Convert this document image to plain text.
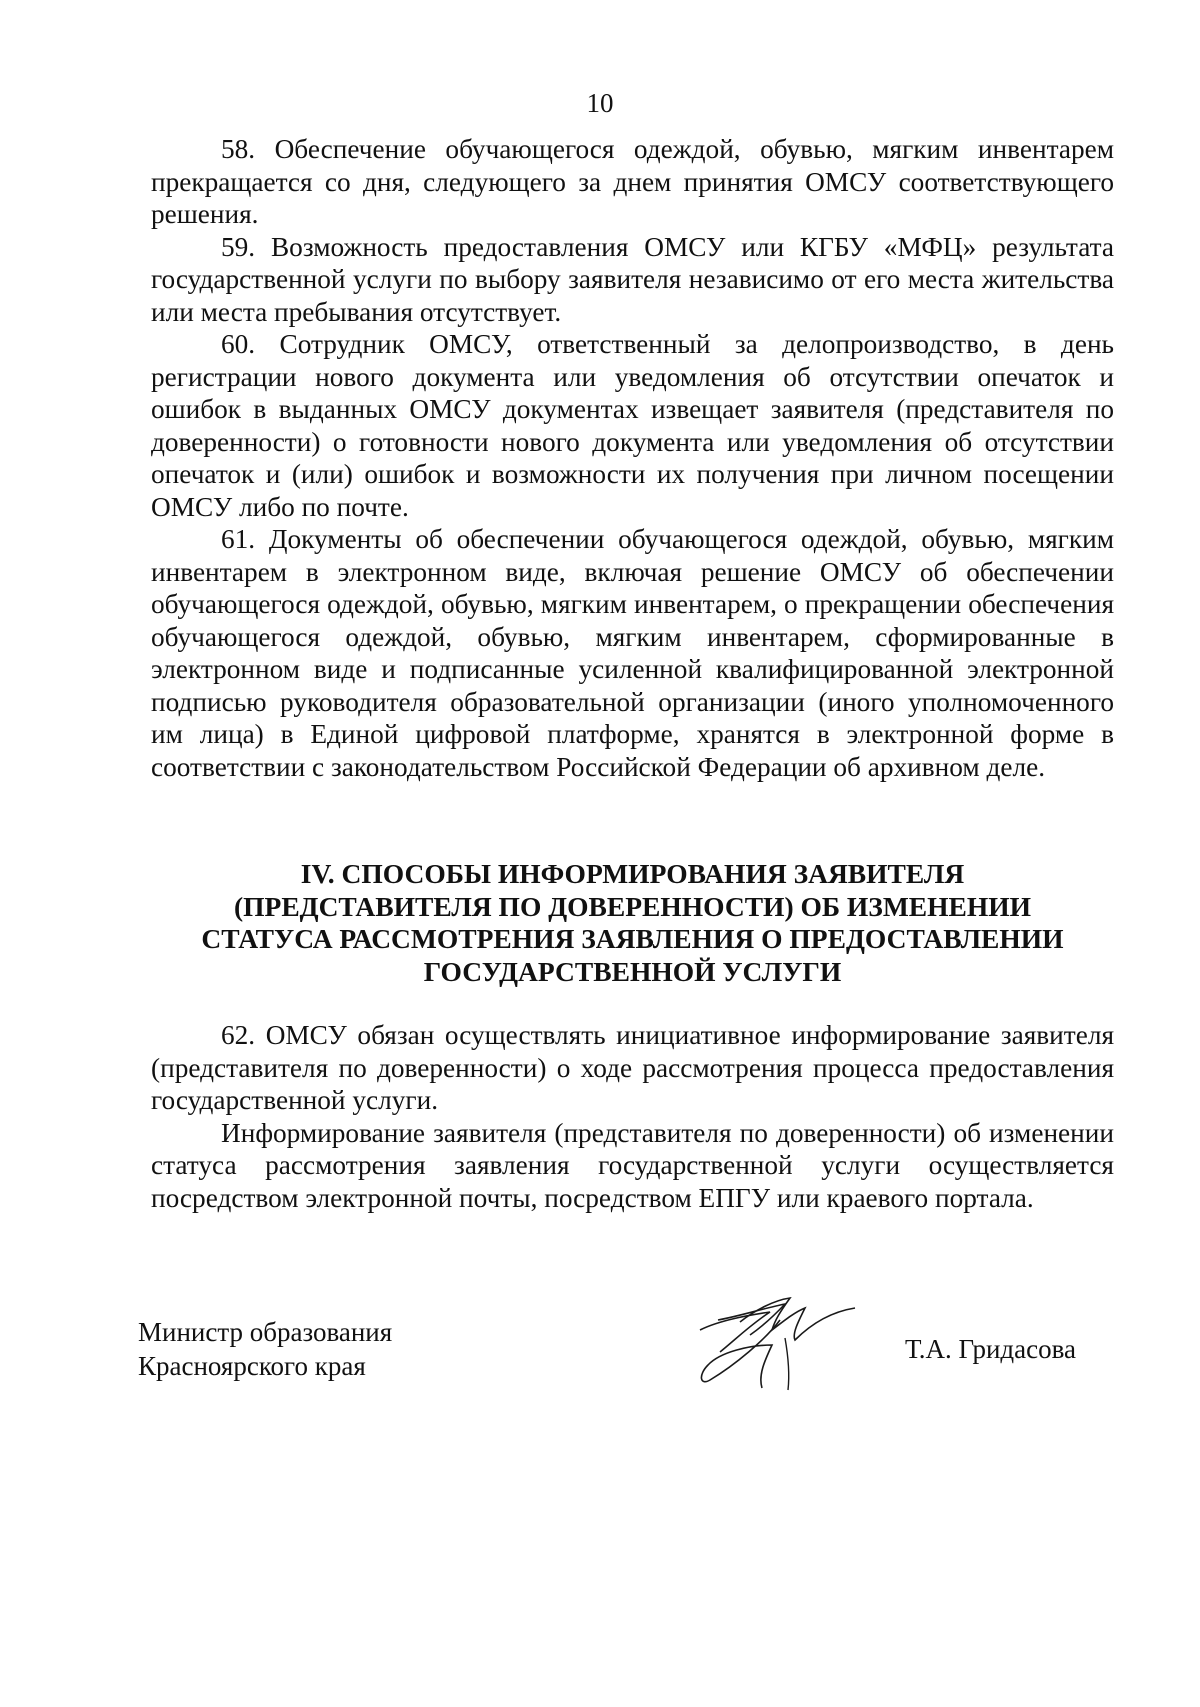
10

58. Обеспечение обучающегося одеждой, обувью, мягким инвентарем прекращается со дня, следующего за днем принятия ОМСУ соответствующего решения.

59. Возможность предоставления ОМСУ или КГБУ «МФЦ» результата государственной услуги по выбору заявителя независимо от его места жительства или места пребывания отсутствует.

60. Сотрудник ОМСУ, ответственный за делопроизводство, в день регистрации нового документа или уведомления об отсутствии опечаток и ошибок в выданных ОМСУ документах извещает заявителя (представителя по доверенности) о готовности нового документа или уведомления об отсутствии опечаток и (или) ошибок и возможности их получения при личном посещении ОМСУ либо по почте.

61. Документы об обеспечении обучающегося одеждой, обувью, мягким инвентарем в электронном виде, включая решение ОМСУ об обеспечении обучающегося одеждой, обувью, мягким инвентарем, о прекращении обеспечения обучающегося одеждой, обувью, мягким инвентарем, сформированные в электронном виде и подписанные усиленной квалифицированной электронной подписью руководителя образовательной организации (иного уполномоченного им лица) в Единой цифровой платформе, хранятся в электронной форме в соответствии с законодательством Российской Федерации об архивном деле.

IV. СПОСОБЫ ИНФОРМИРОВАНИЯ ЗАЯВИТЕЛЯ
(ПРЕДСТАВИТЕЛЯ ПО ДОВЕРЕННОСТИ) ОБ ИЗМЕНЕНИИ
СТАТУСА РАССМОТРЕНИЯ ЗАЯВЛЕНИЯ О ПРЕДОСТАВЛЕНИИ
ГОСУДАРСТВЕННОЙ УСЛУГИ

62. ОМСУ обязан осуществлять инициативное информирование заявителя (представителя по доверенности) о ходе рассмотрения процесса предоставления государственной услуги.

Информирование заявителя (представителя по доверенности) об изменении статуса рассмотрения заявления государственной услуги осуществляется посредством электронной почты, посредством ЕПГУ или краевого портала.

Министр образования
Красноярского края
Т.А. Гридасова
